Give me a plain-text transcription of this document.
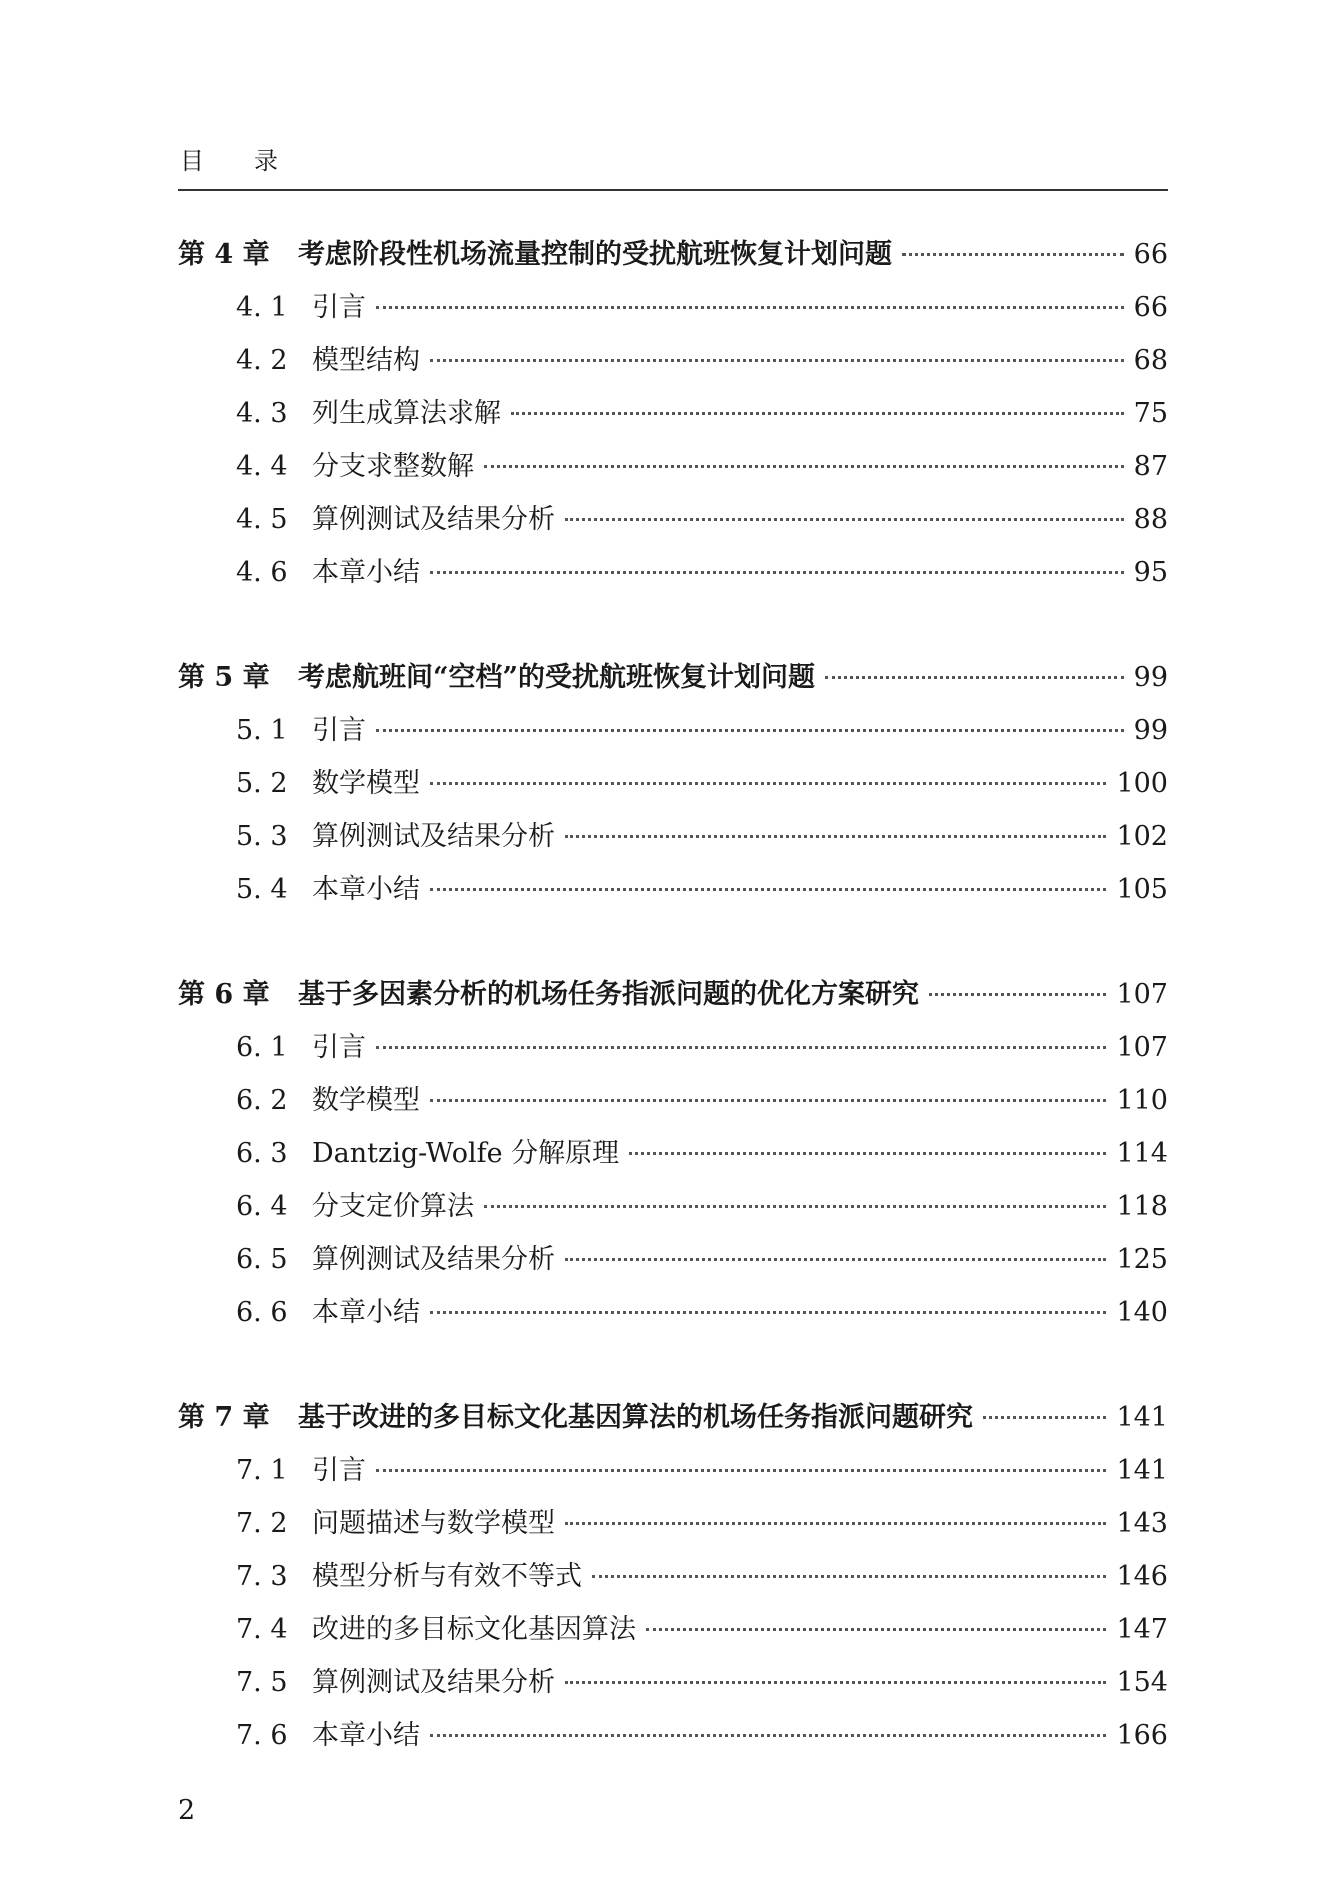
目 录
第 4 章	考虑阶段性机场流量控制的受扰航班恢复计划问题	66
4. 1 引言	66
4. 2 模型结构	68
4. 3 列生成算法求解	75
4. 4 分支求整数解	87
4. 5 算例测试及结果分析	88
4. 6 本章小结	95
第 5 章	考虑航班间“空档”的受扰航班恢复计划问题	99
5. 1 引言	99
5. 2 数学模型	100
5. 3 算例测试及结果分析	102
5. 4 本章小结	105
第 6 章	基于多因素分析的机场任务指派问题的优化方案研究	107
6. 1 引言	107
6. 2 数学模型	110
6. 3 Dantzig-Wolfe 分解原理	114
6. 4 分支定价算法	118
6. 5 算例测试及结果分析	125
6. 6 本章小结	140
第 7 章	基于改进的多目标文化基因算法的机场任务指派问题研究	141
7. 1 引言	141
7. 2 问题描述与数学模型	143
7. 3 模型分析与有效不等式	146
7. 4 改进的多目标文化基因算法	147
7. 5 算例测试及结果分析	154
7. 6 本章小结	166
2
